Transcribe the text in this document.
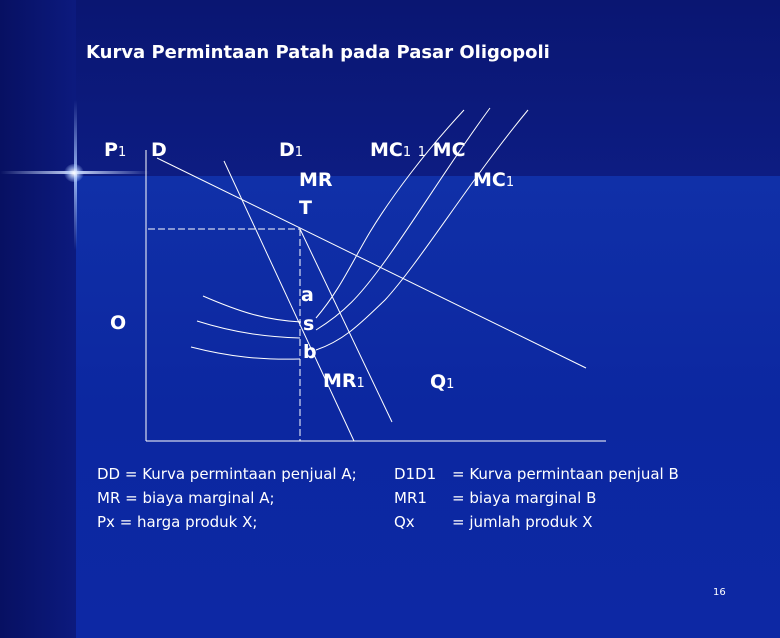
Kurva Permintaan Patah pada Pasar Oligopoli
P1 D	D1	MC1 1 MC
MC1
MR
T
O
a
s
b
MR1	Q1
DD = Kurva permintaan penjual A; D1D1 = Kurva permintaan penjual B
MR = biaya marginal A;	MR1 = biaya marginal B
Px = harga produk X;	Qx = jumlah produk X
16
